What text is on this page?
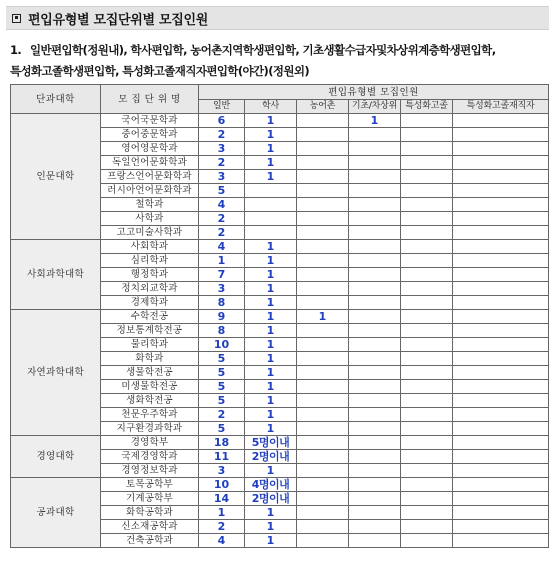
편입유형별 모집단위별 모집인원
1. 일반편입학(정원내), 학사편입학, 농어촌지역학생편입학, 기초생활수급자및차상위계층학생편입학,
특성화고졸학생편입학, 특성화고졸재직자편입학(야간)(정원외)
단과대학	모 집 단 위 명	편입유형별 모집인원					
		일반	학사	농어촌	기초/차상위	특성화고졸	특성화고졸재직자
인문대학	국어국문학과	6	1		1		
	중어중문학과	2	1				
	영어영문학과	3	1				
	독일언어문화학과	2	1				
	프랑스언어문화학과	3	1				
	러시아언어문화학과	5					
	철학과	4					
	사학과	2					
	고고미술사학과	2					
사회과학대학	사회학과	4	1				
	심리학과	1	1				
	행정학과	7	1				
	정치외교학과	3	1				
	경제학과	8	1				
자연과학대학	수학전공	9	1	1			
	정보통계학전공	8	1				
	물리학과	10	1				
	화학과	5	1				
	생물학전공	5	1				
	미생물학전공	5	1				
	생화학전공	5	1				
	천문우주학과	2	1				
	지구환경과학과	5	1				
경영대학	경영학부	18	5명이내				
	국제경영학과	11	2명이내				
	경영정보학과	3	1				
공과대학	토목공학부	10	4명이내				
	기계공학부	14	2명이내				
	화학공학과	1	1				
	신소재공학과	2	1				
	건축공학과	4	1				
